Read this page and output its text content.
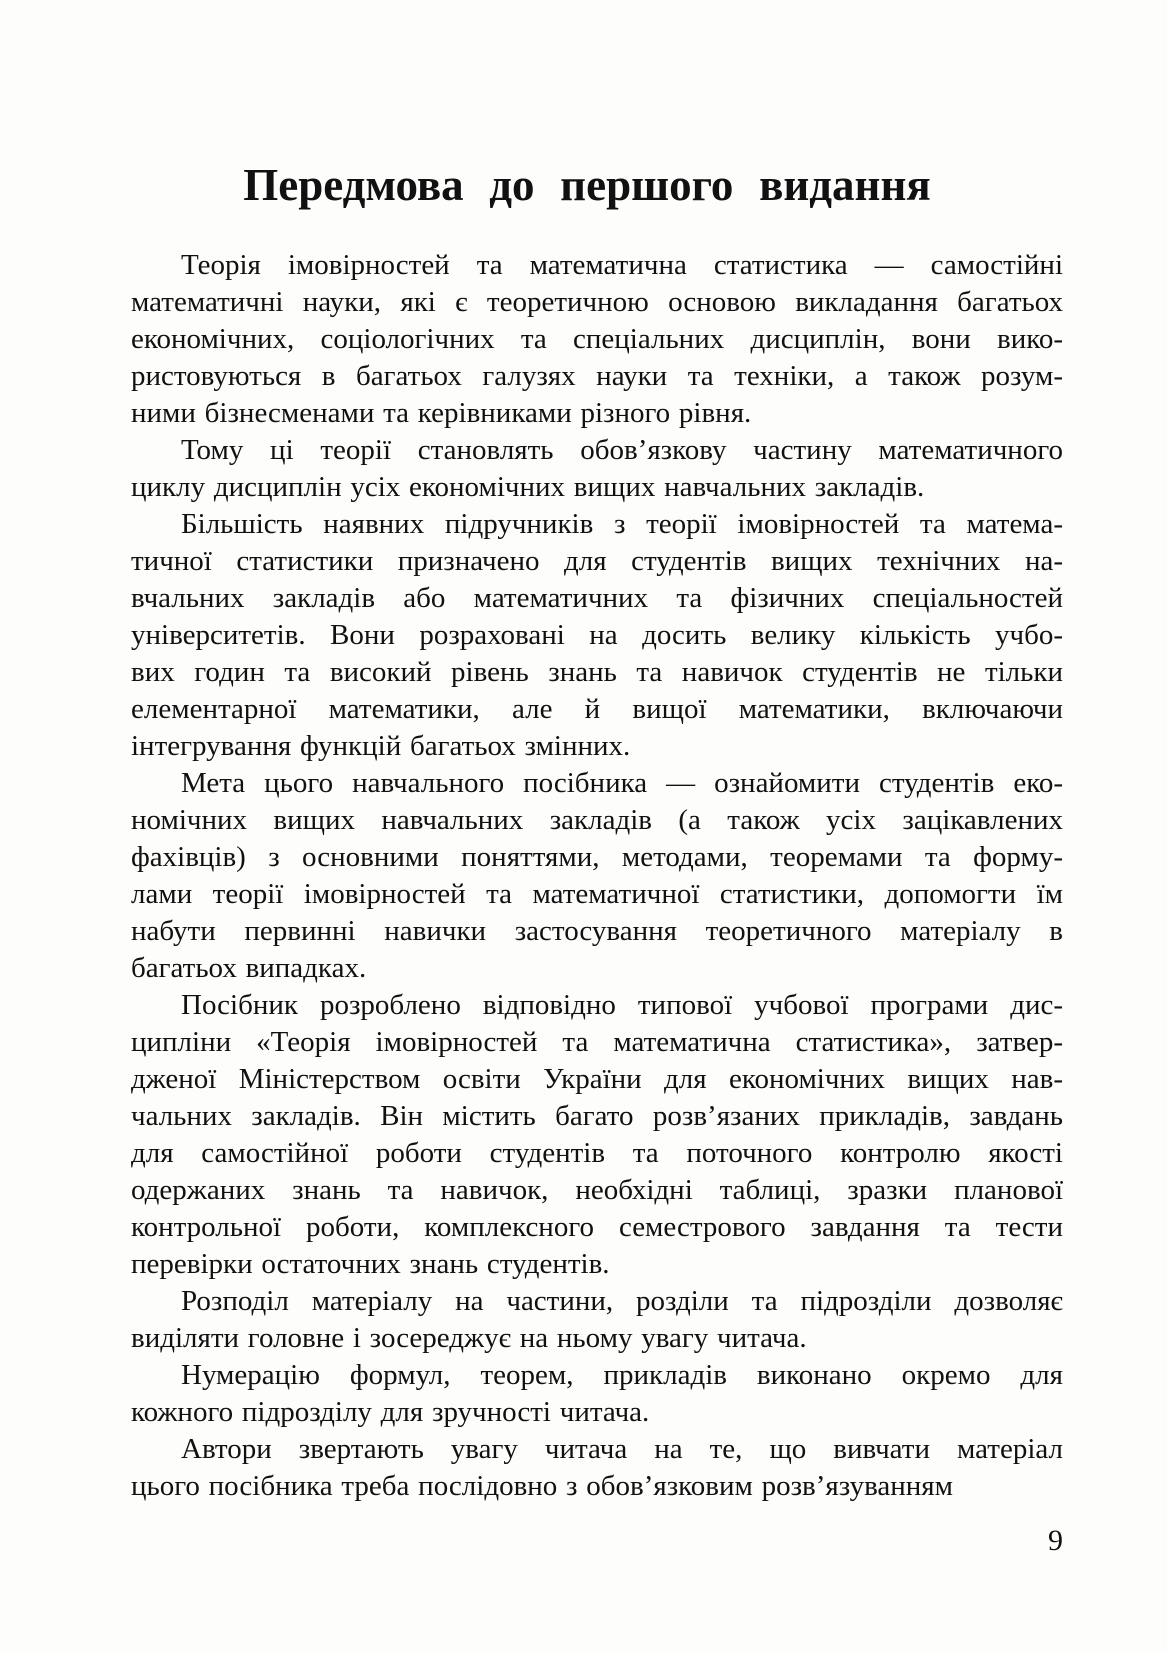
Передмова до першого видання
Теорія імовірностей та математична статистика — самостійні
математичні науки, які є теоретичною основою викладання багатьох
економічних, соціологічних та спеціальних дисциплін, вони вико-
ристовуються в багатьох галузях науки та техніки, а також розум-
ними бізнесменами та керівниками різного рівня.
Тому ці теорії становлять обов’язкову частину математичного
циклу дисциплін усіх економічних вищих навчальних закладів.
Більшість наявних підручників з теорії імовірностей та матема-
тичної статистики призначено для студентів вищих технічних на-
вчальних закладів або математичних та фізичних спеціальностей
університетів. Вони розраховані на досить велику кількість учбо-
вих годин та високий рівень знань та навичок студентів не тільки
елементарної математики, але й вищої математики, включаючи
інтегрування функцій багатьох змінних.
Мета цього навчального посібника — ознайомити студентів еко-
номічних вищих навчальних закладів (а також усіх зацікавлених
фахівців) з основними поняттями, методами, теоремами та форму-
лами теорії імовірностей та математичної статистики, допомогти їм
набути первинні навички застосування теоретичного матеріалу в
багатьох випадках.
Посібник розроблено відповідно типової учбової програми дис-
ципліни «Теорія імовірностей та математична статистика», затвер-
дженої Міністерством освіти України для економічних вищих нав-
чальних закладів. Він містить багато розв’язаних прикладів, завдань
для самостійної роботи студентів та поточного контролю якості
одержаних знань та навичок, необхідні таблиці, зразки планової
контрольної роботи, комплексного семестрового завдання та тести
перевірки остаточних знань студентів.
Розподіл матеріалу на частини, розділи та підрозділи дозволяє
виділяти головне і зосереджує на ньому увагу читача.
Нумерацію формул, теорем, прикладів виконано окремо для
кожного підрозділу для зручності читача.
Автори звертають увагу читача на те, що вивчати матеріал
цього посібника треба послідовно з обов’язковим розв’язуванням
9
